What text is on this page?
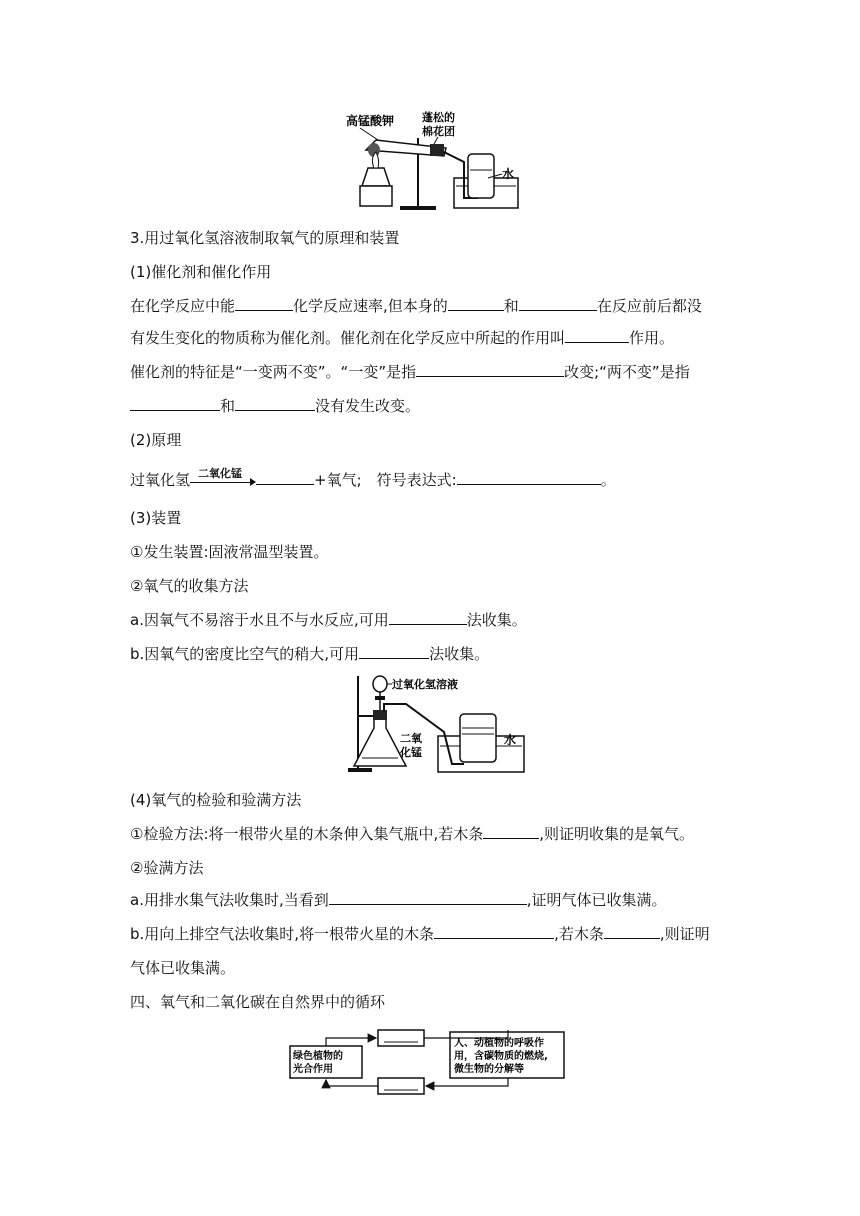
高锰酸钾	蓬松的
棉花团
水
3.用过氧化氢溶液制取氧气的原理和装置
(1)催化剂和催化作用
在化学反应中能	化学反应速率,但本身的	和	在反应前后都没
有发生变化的物质称为催化剂。催化剂在化学反应中所起的作用叫	作用。
催化剂的特征是“一变两不变”。“一变”是指	改变;“两不变”是指
和	没有发生改变。
(2)原理
过氧化氢 二氧化锰	+氧气;　符号表达式:	。
(3)装置
①发生装置:固液常温型装置。
②氧气的收集方法
a.因氧气不易溶于水且不与水反应,可用	法收集。
b.因氧气的密度比空气的稍大,可用	法收集。
过氧化氢溶液
二氧
化锰
水
(4)氧气的检验和验满方法
①检验方法:将一根带火星的木条伸入集气瓶中,若木条	,则证明收集的是氧气。
②验满方法
a.用排水集气法收集时,当看到	,证明气体已收集满。
b.用向上排空气法收集时,将一根带火星的木条	,若木条	,则证明
气体已收集满。
四、氧气和二氧化碳在自然界中的循环
绿色植物的
光合作用
人、动植物的呼吸作
用，含碳物质的燃烧,
微生物的分解等
